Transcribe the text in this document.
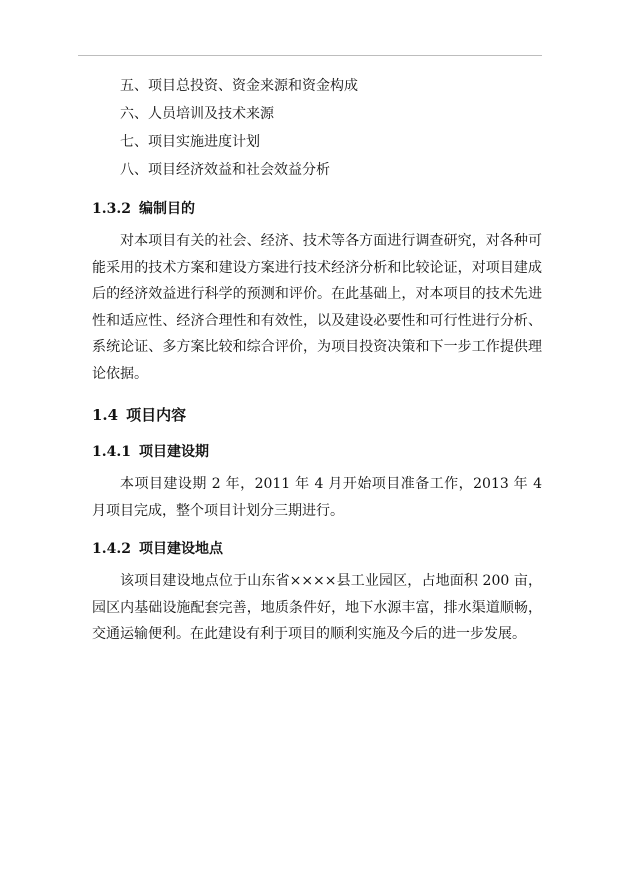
五、项目总投资、资金来源和资金构成
六、人员培训及技术来源
七、项目实施进度计划
八、项目经济效益和社会效益分析
1.3.2 编制目的

对本项目有关的社会、经济、技术等各方面进行调查研究，对各种可能采用的技术方案和建设方案进行技术经济分析和比较论证，对项目建成后的经济效益进行科学的预测和评价。在此基础上，对本项目的技术先进性和适应性、经济合理性和有效性，以及建设必要性和可行性进行分析、系统论证、多方案比较和综合评价，为项目投资决策和下一步工作提供理论依据。

1.4 项目内容
1.4.1 项目建设期

本项目建设期 2 年，2011 年 4 月开始项目准备工作，2013 年 4 月项目完成，整个项目计划分三期进行。

1.4.2 项目建设地点

该项目建设地点位于山东省××××县工业园区，占地面积 200 亩，园区内基础设施配套完善，地质条件好，地下水源丰富，排水渠道顺畅，交通运输便利。在此建设有利于项目的顺利实施及今后的进一步发展。
